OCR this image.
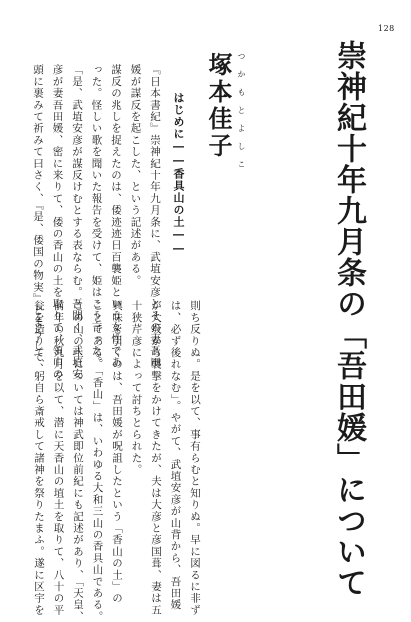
128
崇神紀十年九月条の「吾田媛」について
つかもとよしこ
塚本佳子
はじめに――香具山の土――
『日本書紀』崇神紀十年九月条に、武埴安彦とその妻吾田
媛が謀反を起こした、という記述がある。
謀反の兆しを捉えたのは、倭迹迹日百襲姫という女性であ
った。怪しい歌を聞いた報告を受けて、姫はこう言った。
「是、武埴安彦が謀反けむとする表ならむ。吾聞く、武埴安
彦が妻吾田媛、密に来りて、倭の香山の土を取りて、領巾の
頭に裹みて祈みて曰さく、『是、倭国の物実』とまうして、
則ち反りぬ。是を以て、事有らむと知りぬ。早に図るに非ず
は、必ず後れなむ」。やがて、武埴安彦が山背から、吾田媛
が大坂から襲撃をかけてきたが、夫は大彦と彦国葺、妻は五
十狭芹彦によって討ちとられた。
興味を引くのは、吾田媛が呪詛したという「香山の土」の
ことである。「香山」は、いわゆる大和三山の香具山である。
この山の土については神武即位前紀にも記述があり、「天皇、
前年の秋九月を以て、潜に天香山の埴土を取りて、八十の平
瓮を造りて、躬自ら斎戒して諸神を祭りたまふ。遂に区宇を
